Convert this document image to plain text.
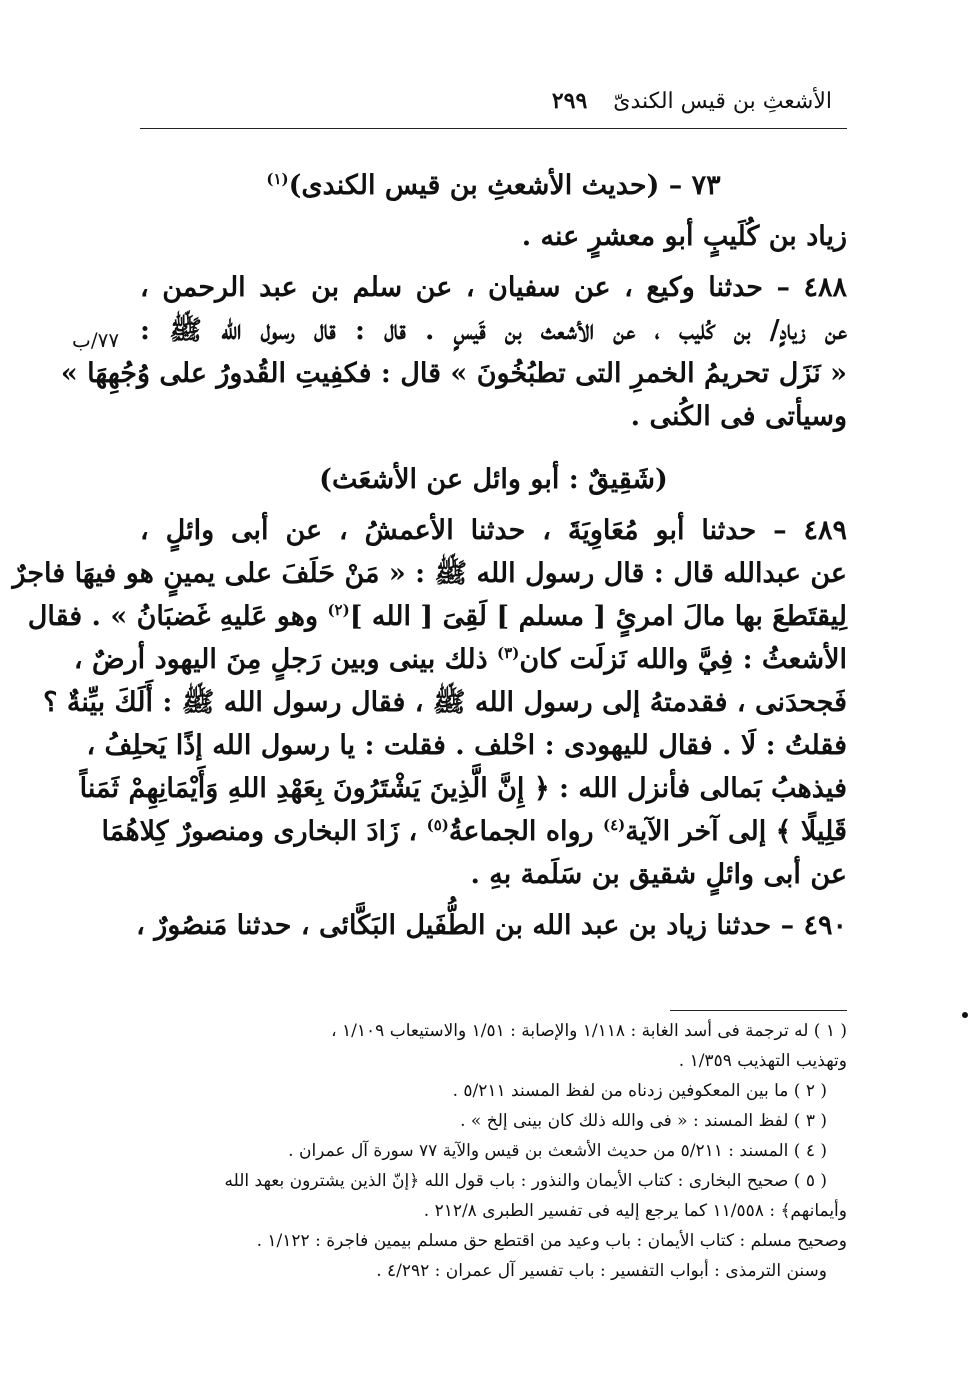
الأشعثِ بن قيس الكندىّ
٢٩٩
٧٧/ب
٧٣ – (حديث الأشعثِ بن قيس الكندى)$^{(١)}$
زياد بن كُلَيبٍ أبو معشرٍ عنه .
٤٨٨ – حدثنا وكيع ، عن سفيان ، عن سلم بن عبد الرحمن ،
عن زيادٍ/ بن كُليب ، عن الأشعث بن قَيسٍ . قال : قال رسول الله ﷺ :
« نَزَل تحريمُ الخمرِ التى تطبُخُونَ » قال : فكفِيتِ القُدورُ على وُجُهِهَا »
وسيأتى فى الكُنى .
(شَقِيقٌ : أبو وائل عن الأشعَث)
٤٨٩ – حدثنا أبو مُعَاوِيَةَ ، حدثنا الأعمشُ ، عن أبى وائلٍ ،
عن عبدالله قال : قال رسول الله ﷺ : « مَنْ حَلَفَ على يمينٍ هو فيهَا فاجرٌ
لِيقتَطعَ بها مالَ امرئٍ [ مسلم ] لَقِىَ [ الله ]$^{(٢)}$ وهو عَليهِ غَضبَانُ » . فقال
الأشعثُ : فِيَّ والله نَزلَت كان$^{(٣)}$ ذلك بينى وبين رَجلٍ مِنَ اليهود أرضٌ ،
فَجحدَنى ، فقدمتهُ إلى رسول الله ﷺ ، فقال رسول الله ﷺ : أَلَكَ بيِّنةٌ ؟
فقلتُ : لَا . فقال لليهودى : احْلف . فقلت : يا رسول الله إذًا يَحلِفُ ،
فيذهبُ بَمالى فأنزل الله : ﴿ إِنَّ الَّذِينَ يَشْتَرُونَ بِعَهْدِ اللهِ وَأَيْمَانِهِمْ ثَمَناً
قَلِيلًا ﴾ إلى آخر الآية$^{(٤)}$ رواه الجماعةُ$^{(٥)}$ ، زَادَ البخارى ومنصورٌ كِلاهُمَا
عن أبى وائلٍ شقيق بن سَلَمة بهِ .
٤٩٠ – حدثنا زياد بن عبد الله بن الطُّفَيل البَكَّائى ، حدثنا مَنصُورٌ ،
( ١ ) له ترجمة فى أسد الغابة : ١/١١٨ والإصابة : ١/٥١ والاستيعاب ١/١٠٩ ،
وتهذيب التهذيب ١/٣٥٩ .
( ٢ ) ما بين المعكوفين زدناه من لفظ المسند ٥/٢١١ .
( ٣ ) لفظ المسند : « فى والله ذلك كان بينى إلخ » .
( ٤ ) المسند : ٥/٢١١ من حديث الأشعث بن قيس والآية ٧٧ سورة آل عمران .
( ٥ ) صحيح البخارى : كتاب الأيمان والنذور : باب قول الله ﴿إنّ الذين يشترون بعهد الله
وأيمانهم﴾ : ١١/٥٥٨ كما يرجع إليه فى تفسير الطبرى ٢١٢/٨ .
وصحيح مسلم : كتاب الأيمان : باب وعيد من اقتطع حق مسلم بيمين فاجرة : ١/١٢٢ .
وسنن الترمذى : أبواب التفسير : باب تفسير آل عمران : ٤/٢٩٢ .
